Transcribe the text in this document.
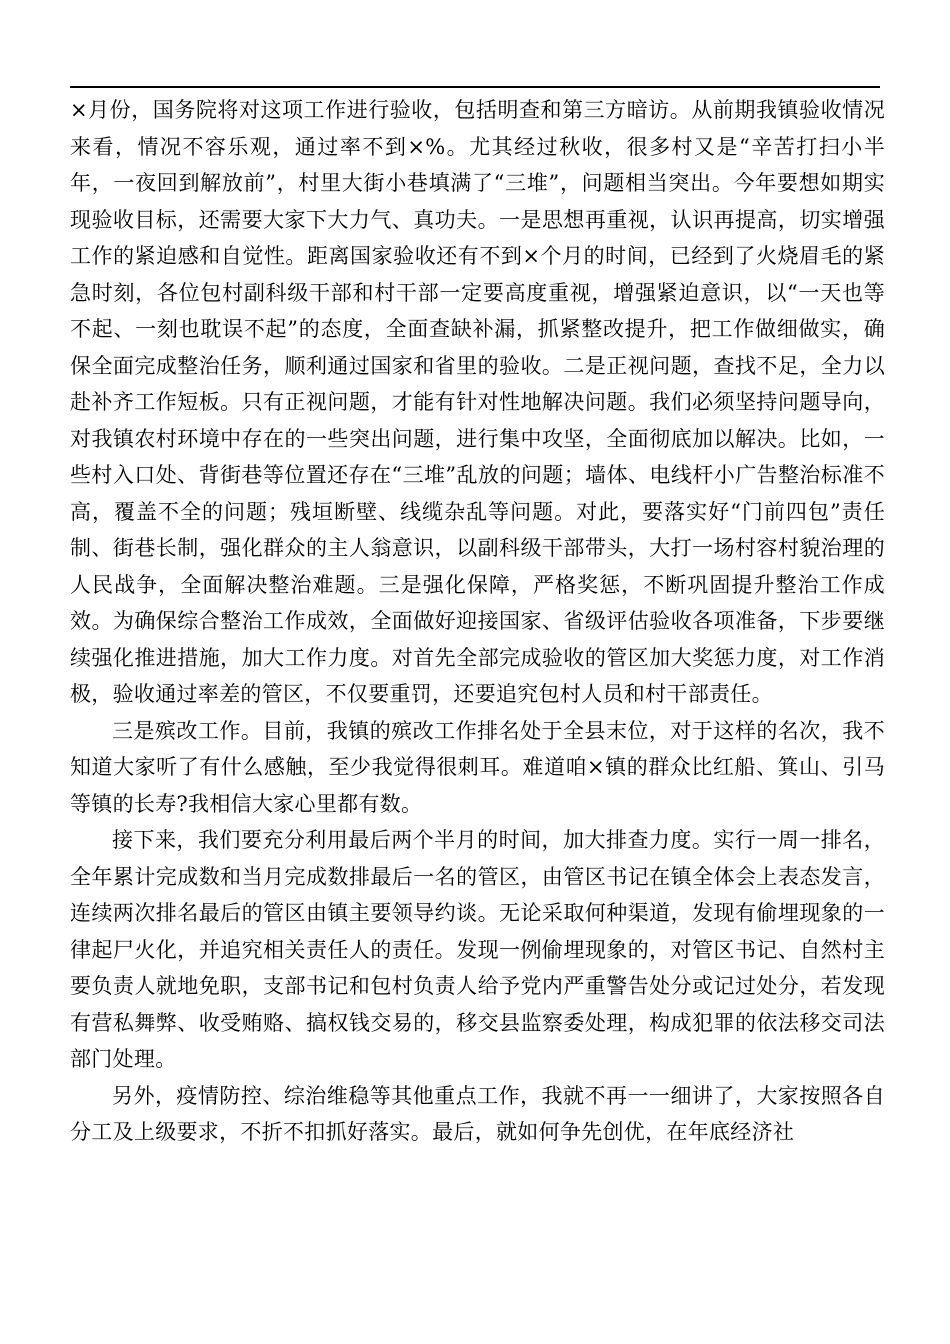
×月份，国务院将对这项工作进行验收，包括明查和第三方暗访。从前期我镇验收情况来看，情况不容乐观，通过率不到×%。尤其经过秋收，很多村又是“辛苦打扫小半年，一夜回到解放前”，村里大街小巷填满了“三堆”，问题相当突出。今年要想如期实现验收目标，还需要大家下大力气、真功夫。一是思想再重视，认识再提高，切实增强工作的紧迫感和自觉性。距离国家验收还有不到×个月的时间，已经到了火烧眉毛的紧急时刻，各位包村副科级干部和村干部一定要高度重视，增强紧迫意识，以“一天也等不起、一刻也耽误不起”的态度，全面查缺补漏，抓紧整改提升，把工作做细做实，确保全面完成整治任务，顺利通过国家和省里的验收。二是正视问题，查找不足，全力以赴补齐工作短板。只有正视问题，才能有针对性地解决问题。我们必须坚持问题导向，对我镇农村环境中存在的一些突出问题，进行集中攻坚，全面彻底加以解决。比如，一些村入口处、背街巷等位置还存在“三堆”乱放的问题；墙体、电线杆小广告整治标准不高，覆盖不全的问题；残垣断壁、线缆杂乱等问题。对此，要落实好“门前四包”责任制、街巷长制，强化群众的主人翁意识，以副科级干部带头，大打一场村容村貌治理的人民战争，全面解决整治难题。三是强化保障，严格奖惩，不断巩固提升整治工作成效。为确保综合整治工作成效，全面做好迎接国家、省级评估验收各项准备，下步要继续强化推进措施，加大工作力度。对首先全部完成验收的管区加大奖惩力度，对工作消极，验收通过率差的管区，不仅要重罚，还要追究包村人员和村干部责任。

三是殡改工作。目前，我镇的殡改工作排名处于全县末位，对于这样的名次，我不知道大家听了有什么感触，至少我觉得很刺耳。难道咱×镇的群众比红船、箕山、引马等镇的长寿?我相信大家心里都有数。

接下来，我们要充分利用最后两个半月的时间，加大排查力度。实行一周一排名，全年累计完成数和当月完成数排最后一名的管区，由管区书记在镇全体会上表态发言，连续两次排名最后的管区由镇主要领导约谈。无论采取何种渠道，发现有偷埋现象的一律起尸火化，并追究相关责任人的责任。发现一例偷埋现象的，对管区书记、自然村主要负责人就地免职，支部书记和包村负责人给予党内严重警告处分或记过处分，若发现有营私舞弊、收受贿赂、搞权钱交易的，移交县监察委处理，构成犯罪的依法移交司法部门处理。

另外，疫情防控、综治维稳等其他重点工作，我就不再一一细讲了，大家按照各自分工及上级要求，不折不扣抓好落实。最后，就如何争先创优，在年底经济社
